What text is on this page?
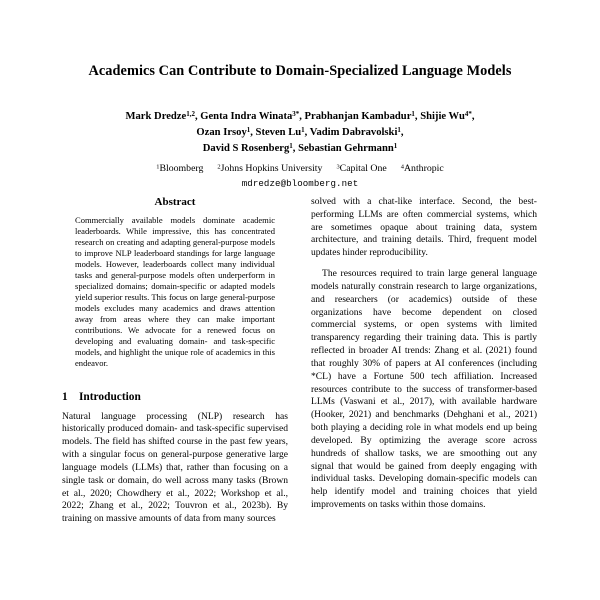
Academics Can Contribute to Domain-Specialized Language Models
Mark Dredze$^{1,2}$, Genta Indra Winata$^{3*}$, Prabhanjan Kambadur$^1$, Shijie $Wu^{4*}$,
Ozan Irsoy$^1$, Steven Lu$^1$, Vadim Dabravolski$^1$,
David S Rosenberg$^1$, Sebastian Gehrmann$^1$
$^1$Bloomberg $^2$Johns Hopkins University $^3$Capital One $^4$Anthropic
mdredze@bloomberg.net
Abstract

Commercially available models dominate academic leaderboards. While impressive, this has concentrated research on creating and adapting general-purpose models to improve NLP leaderboard standings for large language models. However, leaderboards collect many individual tasks and general-purpose models often underperform in specialized domains; domain-specific or adapted models yield superior results. This focus on large general-purpose models excludes many academics and draws attention away from areas where they can make important contributions. We advocate for a renewed focus on developing and evaluating domain- and task-specific models, and highlight the unique role of academics in this endeavor.

1 Introduction

Natural language processing (NLP) research has historically produced domain- and task-specific supervised models. The field has shifted course in the past few years, with a singular focus on general-purpose generative large language models (LLMs) that, rather than focusing on a single task or domain, do well across many tasks (Brown et al., 2020; Chowdhery et al., 2022; Workshop et al., 2022; Zhang et al., 2022; Touvron et al., 2023b). By training on massive amounts of data from many sources

solved with a chat-like interface. Second, the best-performing LLMs are often commercial systems, which are sometimes opaque about training data, system architecture, and training details. Third, frequent model updates hinder reproducibility.

The resources required to train large general language models naturally constrain research to large organizations, and researchers (or academics) outside of these organizations have become dependent on closed commercial systems, or open systems with limited transparency regarding their training data. This is partly reflected in broader AI trends: Zhang et al. (2021) found that roughly 30% of papers at AI conferences (including *CL) have a Fortune 500 tech affiliation. Increased resources contribute to the success of transformer-based LLMs (Vaswani et al., 2017), with available hardware (Hooker, 2021) and benchmarks (Dehghani et al., 2021) both playing a deciding role in what models end up being developed. By optimizing the average score across hundreds of shallow tasks, we are smoothing out any signal that would be gained from deeply engaging with individual tasks. Developing domain-specific models can help identify model and training choices that yield improvements on tasks within those domains.
